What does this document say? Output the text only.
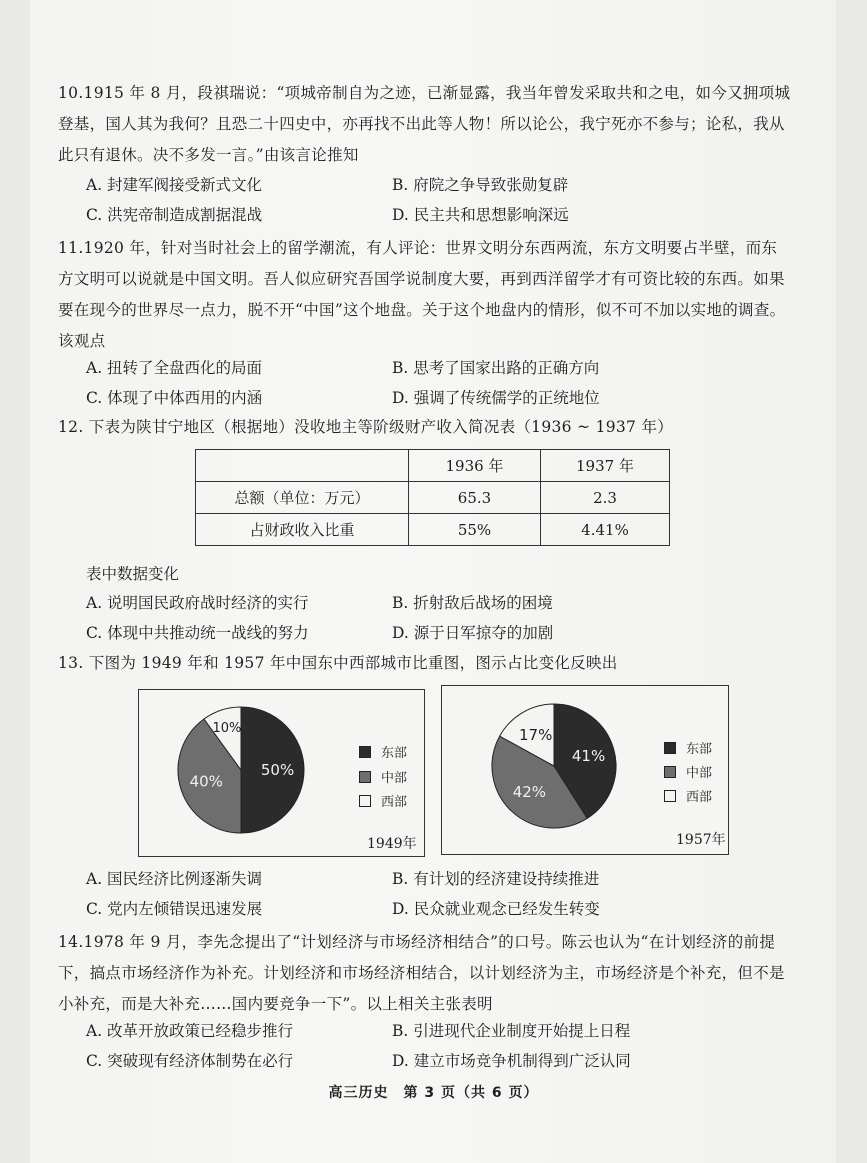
10.1915 年 8 月，段祺瑞说：“项城帝制自为之迹，已渐显露，我当年曾发采取共和之电，如今又拥项城登基，国人其为我何？且恐二十四史中，亦再找不出此等人物！所以论公，我宁死亦不参与；论私，我从此只有退休。决不多发一言。”由该言论推知
A. 封建军阀接受新式文化	B. 府院之争导致张勋复辟
C. 洪宪帝制造成割据混战	D. 民主共和思想影响深远
11.1920 年，针对当时社会上的留学潮流，有人评论：世界文明分东西两流，东方文明要占半壁，而东方文明可以说就是中国文明。吾人似应研究吾国学说制度大要，再到西洋留学才有可资比较的东西。如果要在现今的世界尽一点力，脱不开“中国”这个地盘。关于这个地盘内的情形，似不可不加以实地的调查。该观点
A. 扭转了全盘西化的局面	B. 思考了国家出路的正确方向
C. 体现了中体西用的内涵	D. 强调了传统儒学的正统地位
12. 下表为陕甘宁地区（根据地）没收地主等阶级财产收入简况表（1936 ~ 1937 年）
	1936 年	1937 年
总额（单位：万元）	65.3	2.3
占财政收入比重	55%	4.41%
表中数据变化
A. 说明国民政府战时经济的实行	B. 折射敌后战场的困境
C. 体现中共推动统一战线的努力	D. 源于日军掠夺的加剧
13. 下图为 1949 年和 1957 年中国东中西部城市比重图，图示占比变化反映出
50%
40%
10%
东部
中部
西部
1949年
41%
42%
17%
东部
中部
西部
1957年
A. 国民经济比例逐渐失调	B. 有计划的经济建设持续推进
C. 党内左倾错误迅速发展	D. 民众就业观念已经发生转变
14.1978 年 9 月，李先念提出了“计划经济与市场经济相结合”的口号。陈云也认为“在计划经济的前提下，搞点市场经济作为补充。计划经济和市场经济相结合，以计划经济为主，市场经济是个补充，但不是小补充，而是大补充……国内要竞争一下”。以上相关主张表明
A. 改革开放政策已经稳步推行	B. 引进现代企业制度开始提上日程
C. 突破现有经济体制势在必行	D. 建立市场竞争机制得到广泛认同
高三历史　第 3 页（共 6 页）
